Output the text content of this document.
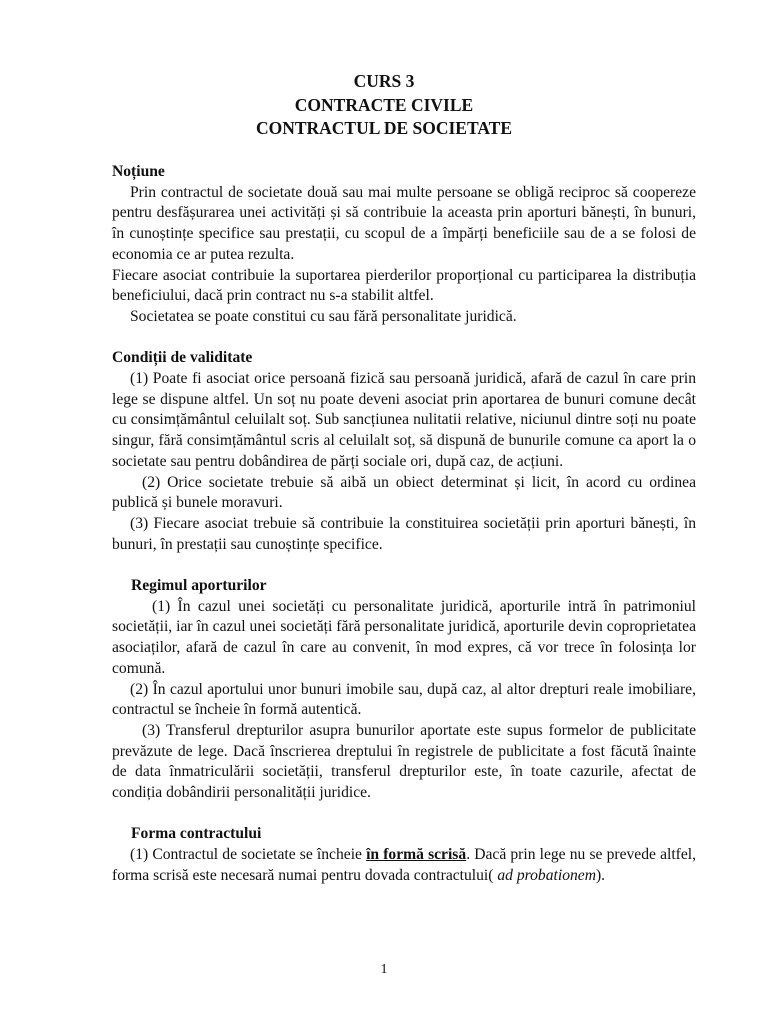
CURS 3
CONTRACTE CIVILE
CONTRACTUL DE SOCIETATE

Noțiune

Prin contractul de societate două sau mai multe persoane se obligă reciproc să coopereze pentru desfășurarea unei activități și să contribuie la aceasta prin aporturi bănești, în bunuri, în cunoștințe specifice sau prestații, cu scopul de a împărți beneficiile sau de a se folosi de economia ce ar putea rezulta.

Fiecare asociat contribuie la suportarea pierderilor proporțional cu participarea la distribuția beneficiului, dacă prin contract nu s-a stabilit altfel.

Societatea se poate constitui cu sau fără personalitate juridică.

Condiții de validitate

(1) Poate fi asociat orice persoană fizică sau persoană juridică, afară de cazul în care prin lege se dispune altfel. Un soț nu poate deveni asociat prin aportarea de bunuri comune decât cu consimțământul celuilalt soț. Sub sancțiunea nulitatii relative, niciunul dintre soți nu poate singur, fără consimțământul scris al celuilalt soț, să dispună de bunurile comune ca aport la o societate sau pentru dobândirea de părți sociale ori, după caz, de acțiuni.

(2) Orice societate trebuie să aibă un obiect determinat și licit, în acord cu ordinea publică și bunele moravuri.

(3) Fiecare asociat trebuie să contribuie la constituirea societății prin aporturi bănești, în bunuri, în prestații sau cunoștințe specifice.

Regimul aporturilor

(1) În cazul unei societăți cu personalitate juridică, aporturile intră în patrimoniul societății, iar în cazul unei societăți fără personalitate juridică, aporturile devin coproprietatea asociaților, afară de cazul în care au convenit, în mod expres, că vor trece în folosința lor comună.

(2) În cazul aportului unor bunuri imobile sau, după caz, al altor drepturi reale imobiliare, contractul se încheie în formă autentică.

(3) Transferul drepturilor asupra bunurilor aportate este supus formelor de publicitate prevăzute de lege. Dacă înscrierea dreptului în registrele de publicitate a fost făcută înainte de data înmatriculării societății, transferul drepturilor este, în toate cazurile, afectat de condiția dobândirii personalității juridice.

Forma contractului

(1) Contractul de societate se încheie în formă scrisă. Dacă prin lege nu se prevede altfel, forma scrisă este necesară numai pentru dovada contractului( ad probationem).

1
